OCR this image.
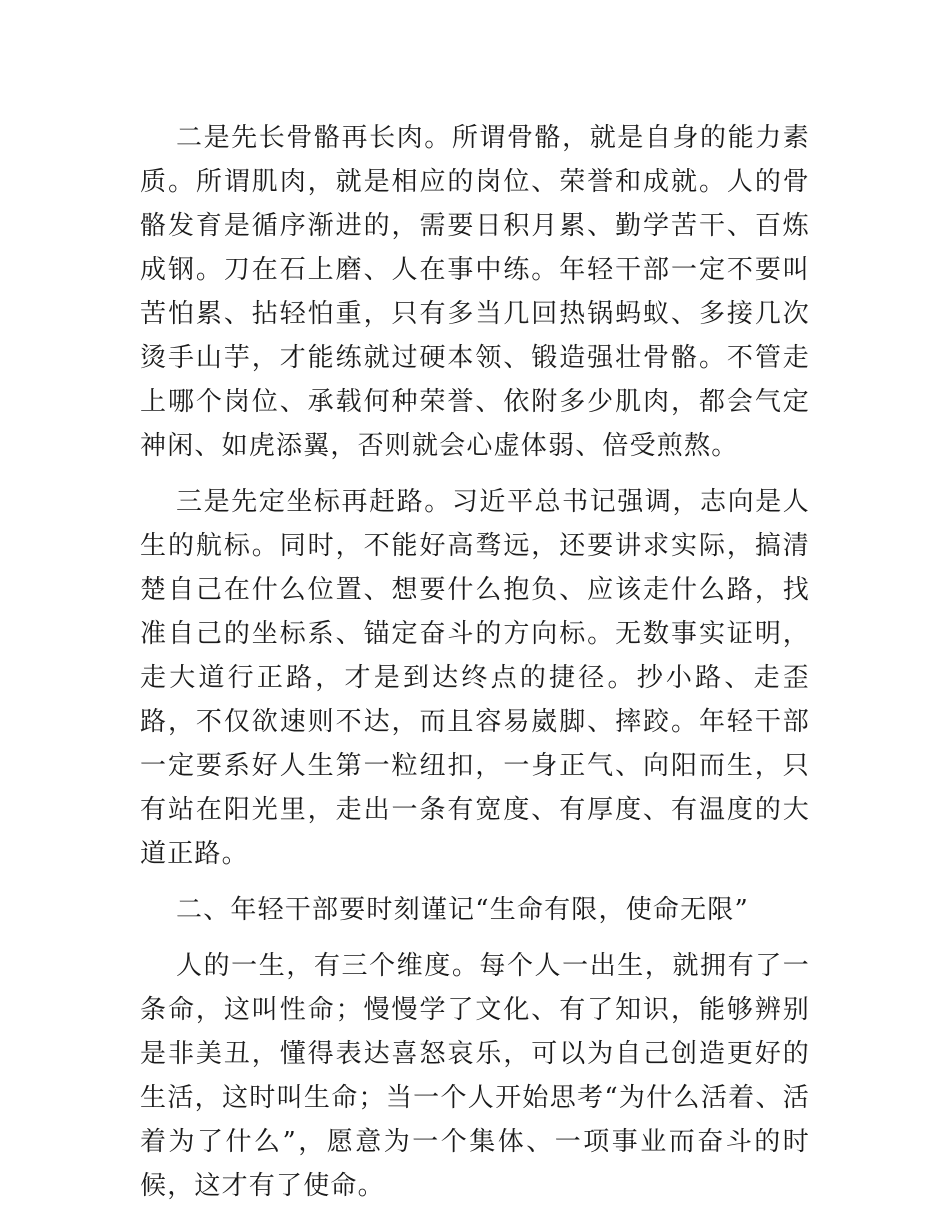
二是先长骨骼再长肉。所谓骨骼，就是自身的能力素质。所谓肌肉，就是相应的岗位、荣誉和成就。人的骨骼发育是循序渐进的，需要日积月累、勤学苦干、百炼成钢。刀在石上磨、人在事中练。年轻干部一定不要叫苦怕累、拈轻怕重，只有多当几回热锅蚂蚁、多接几次烫手山芋，才能练就过硬本领、锻造强壮骨骼。不管走上哪个岗位、承载何种荣誉、依附多少肌肉，都会气定神闲、如虎添翼，否则就会心虚体弱、倍受煎熬。

三是先定坐标再赶路。习近平总书记强调，志向是人生的航标。同时，不能好高骛远，还要讲求实际，搞清楚自己在什么位置、想要什么抱负、应该走什么路，找准自己的坐标系、锚定奋斗的方向标。无数事实证明，走大道行正路，才是到达终点的捷径。抄小路、走歪路，不仅欲速则不达，而且容易崴脚、摔跤。年轻干部一定要系好人生第一粒纽扣，一身正气、向阳而生，只有站在阳光里，走出一条有宽度、有厚度、有温度的大道正路。

二、年轻干部要时刻谨记“生命有限，使命无限”

人的一生，有三个维度。每个人一出生，就拥有了一条命，这叫性命；慢慢学了文化、有了知识，能够辨别是非美丑，懂得表达喜怒哀乐，可以为自己创造更好的生活，这时叫生命；当一个人开始思考“为什么活着、活着为了什么”，愿意为一个集体、一项事业而奋斗的时候，这才有了使命。
